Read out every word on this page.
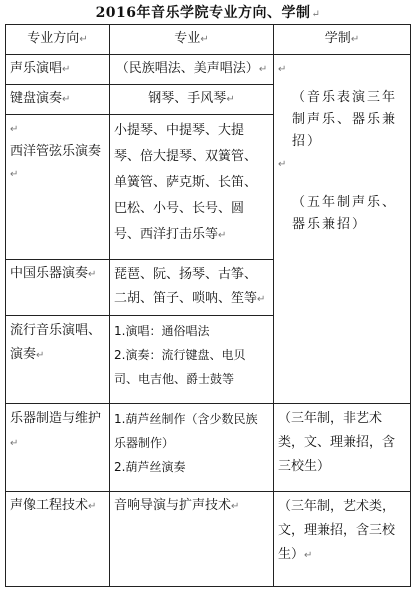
2016年音乐学院专业方向、学制↵
专业方向↵	专业↵	学制↵
声乐演唱↵	（民族唱法、美声唱法）↵	↵
（音乐表演三年制声乐、器乐兼招）
↵
（五年制声乐、器乐兼招）

键盘演奏↵	钢琴、手风琴↵	
↵
西洋管弦乐演奏↵	小提琴、中提琴、大提琴、倍大提琴、双簧管、单簧管、萨克斯、长笛、巴松、小号、长号、圆号、西洋打击乐等↵	
中国乐器演奏↵	琵琶、阮、扬琴、古筝、二胡、笛子、唢呐、笙等↵	
流行音乐演唱、演奏↵	1.演唱：通俗唱法
2.演奏：流行键盘、电贝司、电吉他、爵士鼓等	

乐器制造与维护↵	1.葫芦丝制作（含少数民族乐器制作）
2.葫芦丝演奏	（三年制，非艺术类，文、理兼招，含三校生）
声像工程技术↵	音响导演与扩声技术↵	（三年制，艺术类，文，理兼招，含三校生）↵
